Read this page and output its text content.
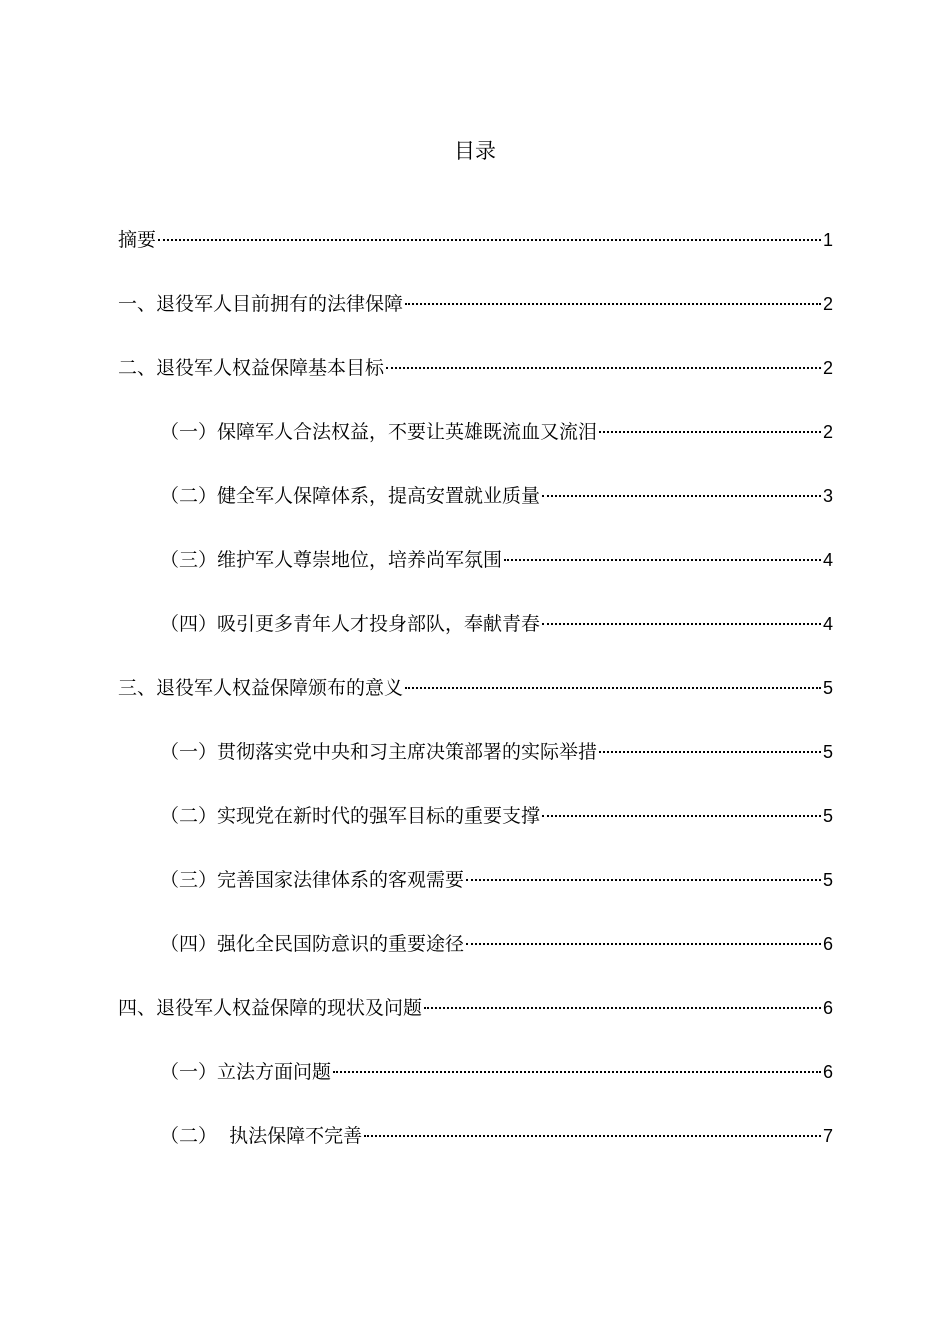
目录
摘要	1
一、退役军人目前拥有的法律保障	2
二、退役军人权益保障基本目标	2
（一）保障军人合法权益，不要让英雄既流血又流泪	2
（二）健全军人保障体系，提高安置就业质量	3
（三）维护军人尊崇地位，培养尚军氛围	4
（四）吸引更多青年人才投身部队，奉献青春	4
三、退役军人权益保障颁布的意义	5
（一）贯彻落实党中央和习主席决策部署的实际举措	5
（二）实现党在新时代的强军目标的重要支撑	5
（三）完善国家法律体系的客观需要	5
（四）强化全民国防意识的重要途径	6
四、退役军人权益保障的现状及问题	6
（一）立法方面问题	6
（二）  执法保障不完善	7
